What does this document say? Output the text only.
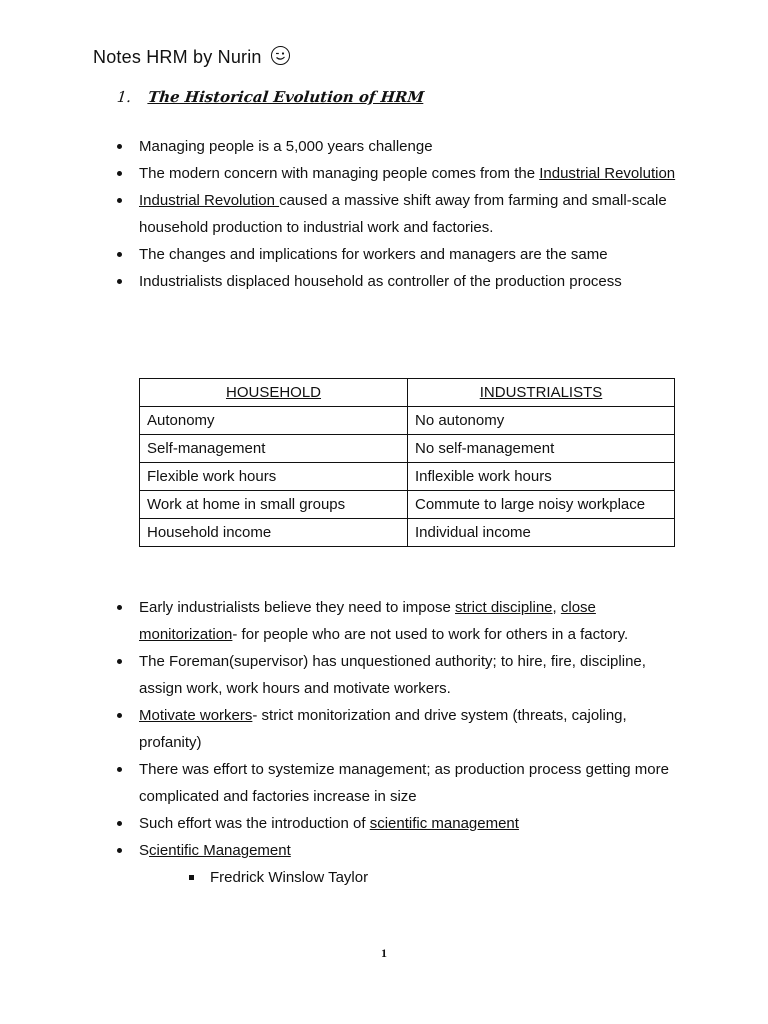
Notes HRM by Nurin
1. The Historical Evolution of HRM
Managing people is a 5,000 years challenge
The modern concern with managing people comes from the Industrial Revolution
Industrial Revolution caused a massive shift away from farming and small-scale household production to industrial work and factories.
The changes and implications for workers and managers are the same
Industrialists displaced household as controller of the production process
HOUSEHOLD	INDUSTRIALISTS
Autonomy	No autonomy
Self-management	No self-management
Flexible work hours	Inflexible work hours
Work at home in small groups	Commute to large noisy workplace
Household income	Individual income
Early industrialists believe they need to impose strict discipline, close monitorization- for people who are not used to work for others in a factory.
The Foreman(supervisor) has unquestioned authority; to hire, fire, discipline, assign work, work hours and motivate workers.
Motivate workers- strict monitorization and drive system (threats, cajoling, profanity)
There was effort to systemize management; as production process getting more complicated and factories increase in size
Such effort was the introduction of scientific management
Scientific Management
Fredrick Winslow Taylor
1
